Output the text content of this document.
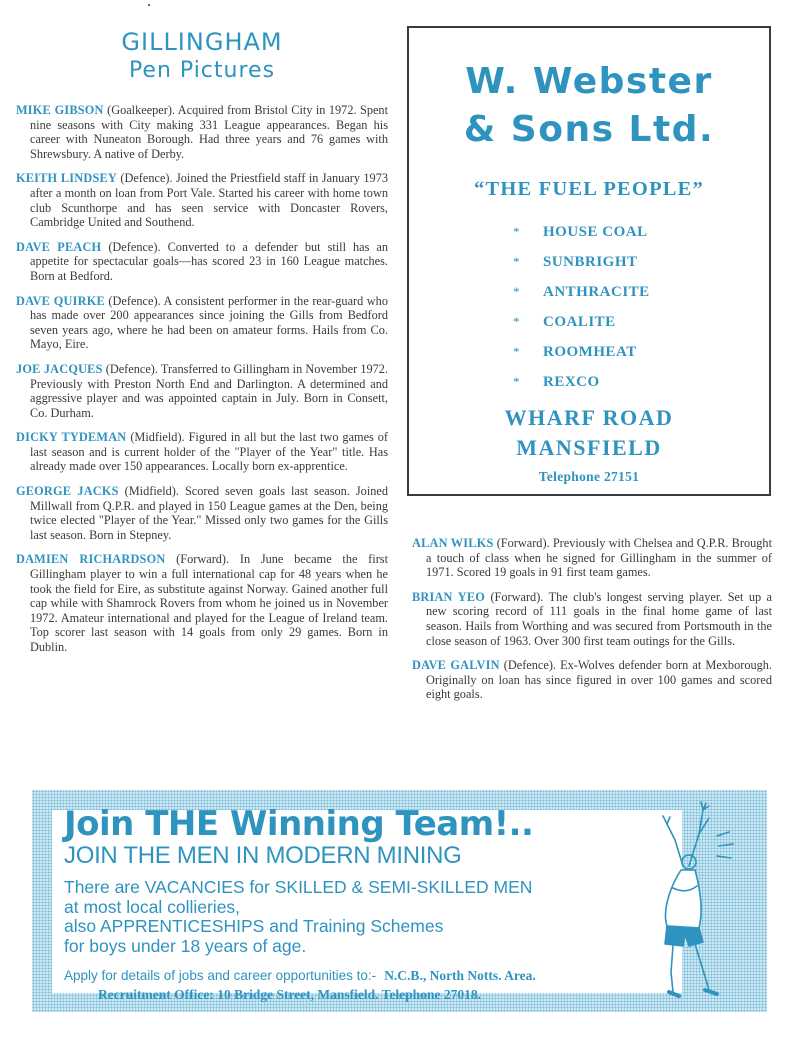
GILLINGHAM
Pen Pictures

MIKE GIBSON (Goalkeeper). Acquired from Bristol City in 1972. Spent nine seasons with City making 331 League appearances. Began his career with Nuneaton Borough. Had three years and 76 games with Shrewsbury. A native of Derby.

KEITH LINDSEY (Defence). Joined the Priestfield staff in January 1973 after a month on loan from Port Vale. Started his career with home town club Scunthorpe and has seen service with Doncaster Rovers, Cambridge United and Southend.

DAVE PEACH (Defence). Converted to a defender but still has an appetite for spectacular goals—has scored 23 in 160 League matches. Born at Bedford.

DAVE QUIRKE (Defence). A consistent performer in the rear-guard who has made over 200 appearances since joining the Gills from Bedford seven years ago, where he had been on amateur forms. Hails from Co. Mayo, Eire.

JOE JACQUES (Defence). Transferred to Gillingham in November 1972. Previously with Preston North End and Darlington. A determined and aggressive player and was appointed captain in July. Born in Consett, Co. Durham.

DICKY TYDEMAN (Midfield). Figured in all but the last two games of last season and is current holder of the "Player of the Year" title. Has already made over 150 appearances. Locally born ex-apprentice.

GEORGE JACKS (Midfield). Scored seven goals last season. Joined Millwall from Q.P.R. and played in 150 League games at the Den, being twice elected "Player of the Year." Missed only two games for the Gills last season. Born in Stepney.

DAMIEN RICHARDSON (Forward). In June became the first Gillingham player to win a full international cap for 48 years when he took the field for Eire, as substitute against Norway. Gained another full cap while with Shamrock Rovers from whom he joined us in November 1972. Amateur international and played for the League of Ireland team. Top scorer last season with 14 goals from only 29 games. Born in Dublin.

W. Webster
& Sons Ltd.
“THE FUEL PEOPLE”
* HOUSE COAL
* SUNBRIGHT
* ANTHRACITE
* COALITE
* ROOMHEAT
* REXCO
WHARF ROAD
MANSFIELD
Telephone 27151

ALAN WILKS (Forward). Previously with Chelsea and Q.P.R. Brought a touch of class when he signed for Gillingham in the summer of 1971. Scored 19 goals in 91 first team games.

BRIAN YEO (Forward). The club's longest serving player. Set up a new scoring record of 111 goals in the final home game of last season. Hails from Worthing and was secured from Portsmouth in the close season of 1963. Over 300 first team outings for the Gills.

DAVE GALVIN (Defence). Ex-Wolves defender born at Mexborough. Originally on loan has since figured in over 100 games and scored eight goals.

Join THE Winning Team!..
JOIN THE MEN IN MODERN MINING
There are VACANCIES for SKILLED & SEMI-SKILLED MEN
at most local collieries,
also APPRENTICESHIPS and Training Schemes
for boys under 18 years of age.
Apply for details of jobs and career opportunities to:- N.C.B., North Notts. Area.
Recruitment Office: 10 Bridge Street, Mansfield. Telephone 27018.
